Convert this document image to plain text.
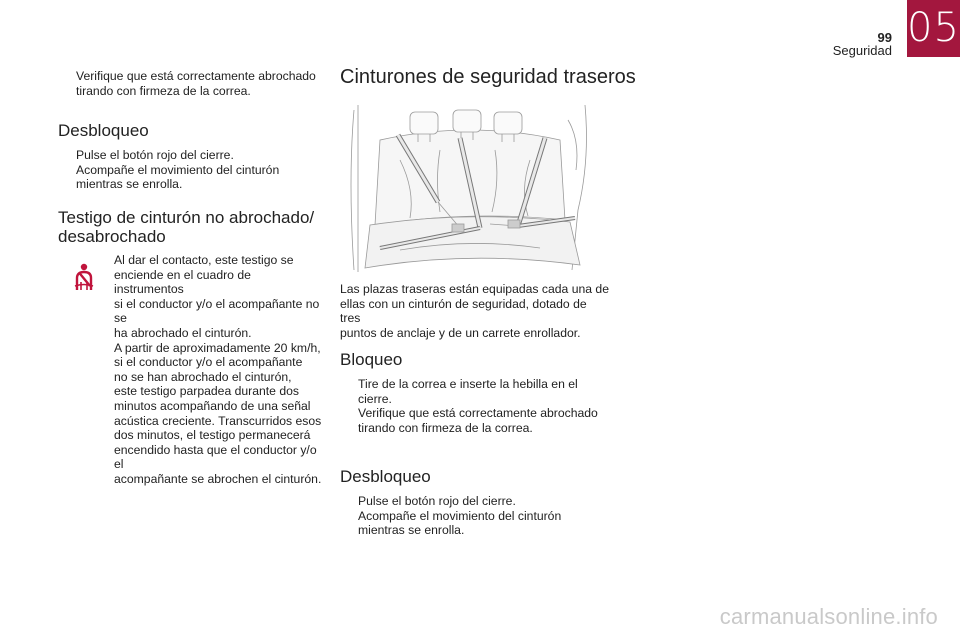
99
Seguridad 05

Verifique que está correctamente abrochado tirando con firmeza de la correa.

Desbloqueo

Pulse el botón rojo del cierre.

Acompañe el movimiento del cinturón mientras se enrolla.

Testigo de cinturón no abrochado/
desabrochado

Al dar el contacto, este testigo se

enciende en el cuadro de instrumentos

si el conductor y/o el acompañante no se

ha abrochado el cinturón.

A partir de aproximadamente 20 km/h,

si el conductor y/o el acompañante

no se han abrochado el cinturón,

este testigo parpadea durante dos

minutos acompañando de una señal

acústica creciente. Transcurridos esos

dos minutos, el testigo permanecerá

encendido hasta que el conductor y/o el

acompañante se abrochen el cinturón.

Cinturones de seguridad traseros

Las plazas traseras están equipadas cada una de

ellas con un cinturón de seguridad, dotado de tres

puntos de anclaje y de un carrete enrollador.

Bloqueo

Tire de la correa e inserte la hebilla en el cierre.

Verifique que está correctamente abrochado tirando con firmeza de la correa.

Desbloqueo

Pulse el botón rojo del cierre.

Acompañe el movimiento del cinturón mientras se enrolla.

carmanualsonline.info
